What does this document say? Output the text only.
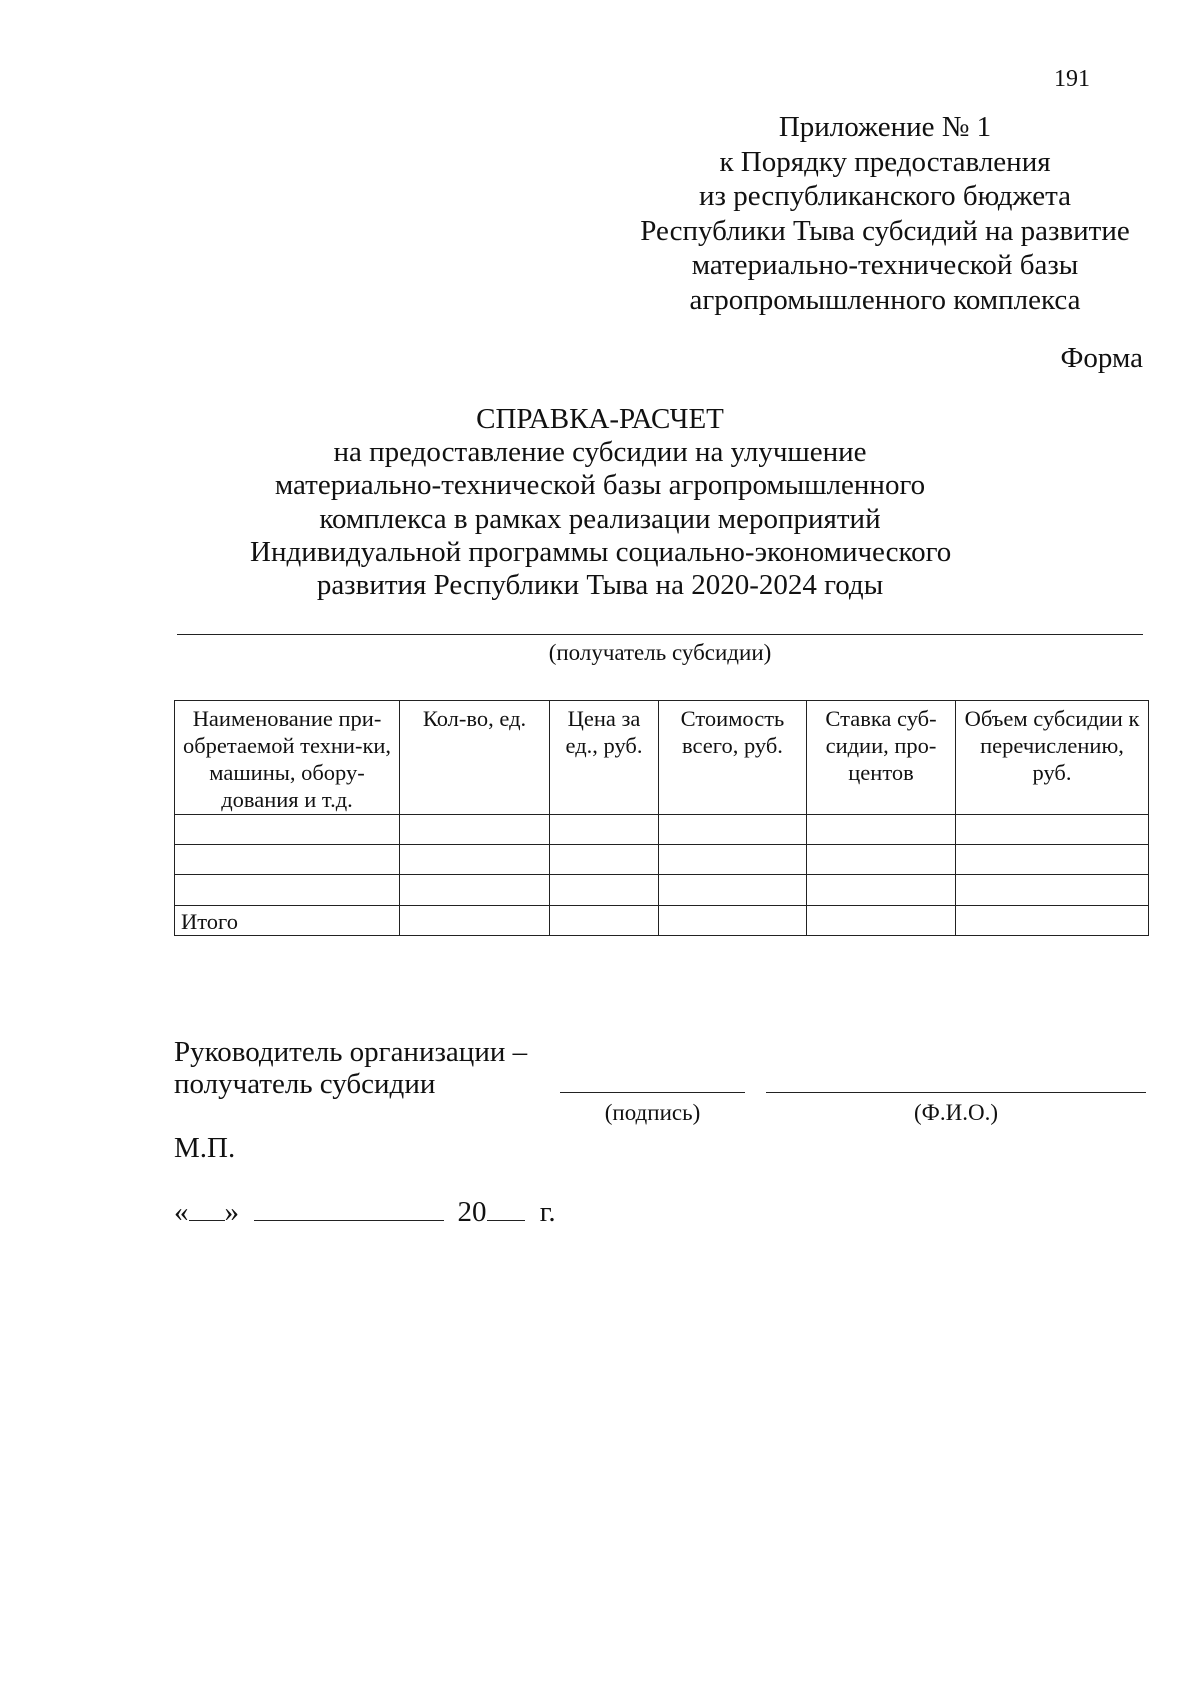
191
Приложение № 1
к Порядку предоставления
из республиканского бюджета
Республики Тыва субсидий на развитие
материально-технической базы
агропромышленного комплекса
Форма
СПРАВКА-РАСЧЕТ
на предоставление субсидии на улучшение
материально-технической базы агропромышленного
комплекса в рамках реализации мероприятий
Индивидуальной программы социально-экономического
развития Республики Тыва на 2020-2024 годы
(получатель субсидии)
Наименование при-обретаемой техни-ки, машины, обору-дования и т.д.	Кол-во, ед.	Цена за ед., руб.	Стоимость всего, руб.	Ставка суб-сидии, про-центов	Объем субсидии к перечислению, руб.

Итого					
Руководитель организации –
получатель субсидии
(подпись)	(Ф.И.О.)
М.П.
« »	20 г.
